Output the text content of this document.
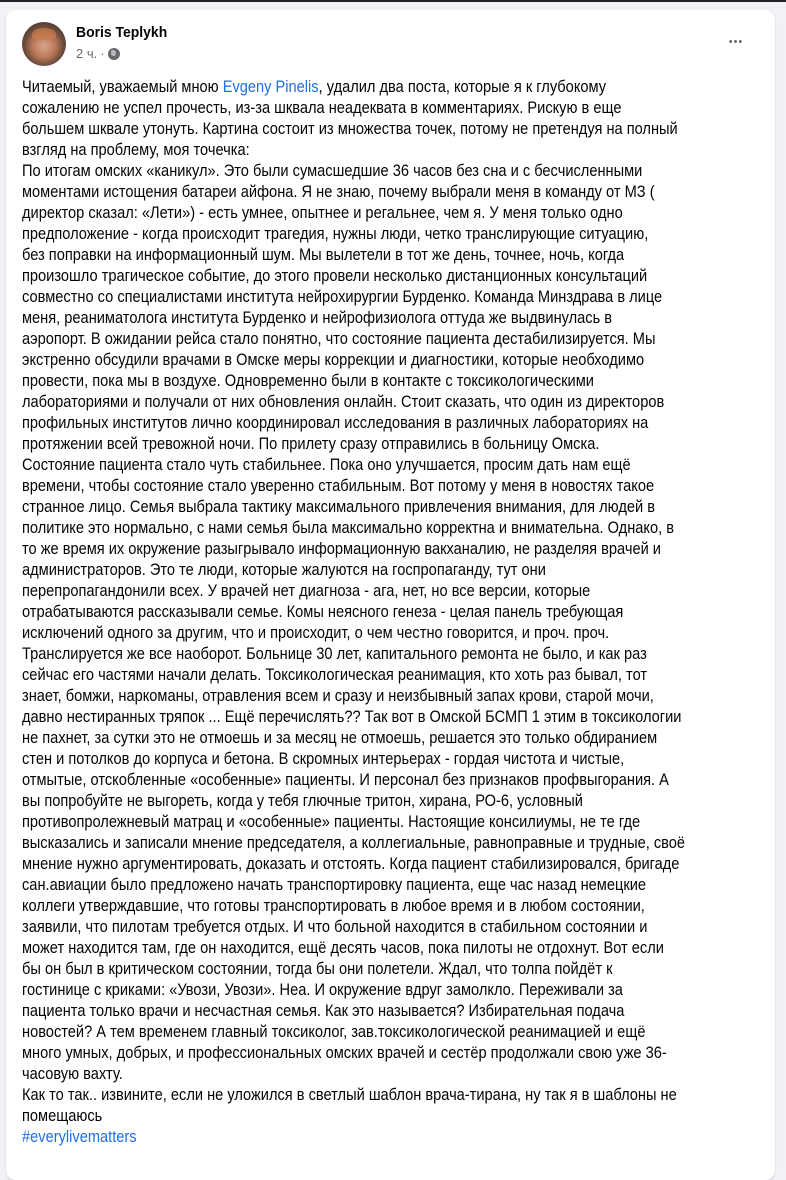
Boris Teplykh
2 ч. ·
•••
Читаемый, уважаемый мною Evgeny Pinelis, удалил два поста, которые я к глубокому
сожалению не успел прочесть, из-за шквала неадеквата в комментариях. Рискую в еще
большем шквале утонуть. Картина состоит из множества точек, потому не претендуя на полный
взгляд на проблему, моя точечка:
По итогам омских «каникул». Это были сумасшедшие 36 часов без сна и с бесчисленными
моментами истощения батареи айфона. Я не знаю, почему выбрали меня в команду от МЗ (
директор сказал: «Лети») - есть умнее, опытнее и регальнее, чем я. У меня только одно
предположение - когда происходит трагедия, нужны люди, четко транслирующие ситуацию,
без поправки на информационный шум. Мы вылетели в тот же день, точнее, ночь, когда
произошло трагическое событие, до этого провели несколько дистанционных консультаций
совместно со специалистами института нейрохирургии Бурденко. Команда Минздрава в лице
меня, реаниматолога института Бурденко и нейрофизиолога оттуда же выдвинулась в
аэропорт. В ожидании рейса стало понятно, что состояние пациента дестабилизируется. Мы
экстренно обсудили врачами в Омске меры коррекции и диагностики, которые необходимо
провести, пока мы в воздухе. Одновременно были в контакте с токсикологическими
лабораториями и получали от них обновления онлайн. Стоит сказать, что один из директоров
профильных институтов лично координировал исследования в различных лабораториях на
протяжении всей тревожной ночи. По прилету сразу отправились в больницу Омска.
Состояние пациента стало чуть стабильнее. Пока оно улучшается, просим дать нам ещё
времени, чтобы состояние стало уверенно стабильным. Вот потому у меня в новостях такое
странное лицо. Семья выбрала тактику максимального привлечения внимания, для людей в
политике это нормально, с нами семья была максимально корректна и внимательна. Однако, в
то же время их окружение разыгрывало информационную вакханалию, не разделяя врачей и
администраторов. Это те люди, которые жалуются на госпропаганду, тут они
перепропагандонили всех. У врачей нет диагноза - ага, нет, но все версии, которые
отрабатываются рассказывали семье. Комы неясного генеза - целая панель требующая
исключений одного за другим, что и происходит, о чем честно говорится, и проч. проч.
Транслируется же все наоборот. Больнице 30 лет, капитального ремонта не было, и как раз
сейчас его частями начали делать. Токсикологическая реанимация, кто хоть раз бывал, тот
знает, бомжи, наркоманы, отравления всем и сразу и неизбывный запах крови, старой мочи,
давно нестиранных тряпок ... Ещё перечислять?? Так вот в Омской БСМП 1 этим в токсикологии
не пахнет, за сутки это не отмоешь и за месяц не отмоешь, решается это только обдиранием
стен и потолков до корпуса и бетона. В скромных интерьерах - гордая чистота и чистые,
отмытые, отскобленные «особенные» пациенты. И персонал без признаков профвыгорания. А
вы попробуйте не выгореть, когда у тебя глючные тритон, хирана, РО-6, условный
противопролежневый матрац и «особенные» пациенты. Настоящие консилиумы, не те где
высказались и записали мнение председателя, а коллегиальные, равноправные и трудные, своё
мнение нужно аргументировать, доказать и отстоять. Когда пациент стабилизировался, бригаде
сан.авиации было предложено начать транспортировку пациента, еще час назад немецкие
коллеги утверждавшие, что готовы транспортировать в любое время и в любом состоянии,
заявили, что пилотам требуется отдых. И что больной находится в стабильном состоянии и
может находится там, где он находится, ещё десять часов, пока пилоты не отдохнут. Вот если
бы он был в критическом состоянии, тогда бы они полетели. Ждал, что толпа пойдёт к
гостинице с криками: «Увози, Увози». Неа. И окружение вдруг замолкло. Переживали за
пациента только врачи и несчастная семья. Как это называется? Избирательная подача
новостей? А тем временем главный токсиколог, зав.токсикологической реанимацией и ещё
много умных, добрых, и профессиональных омских врачей и сестёр продолжали свою уже 36-
часовую вахту.
Как то так.. извините, если не уложился в светлый шаблон врача-тирана, ну так я в шаблоны не
помещаюсь
#everylivematters
